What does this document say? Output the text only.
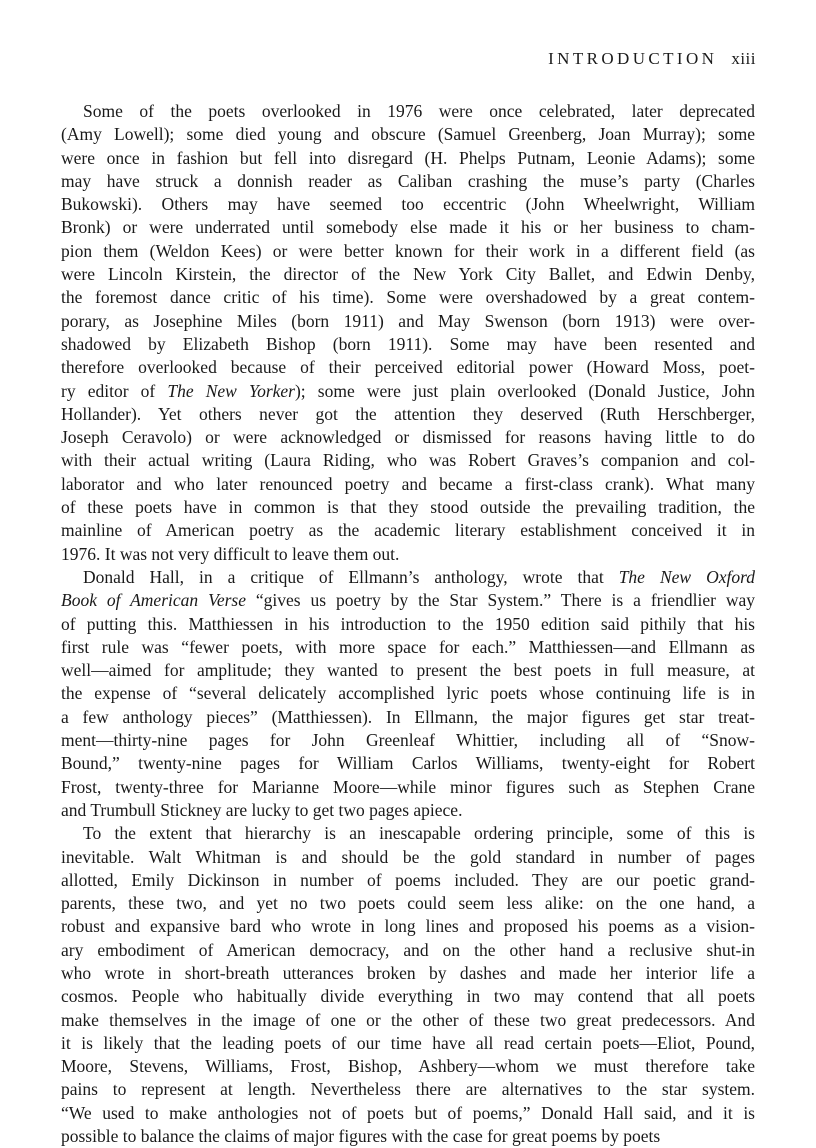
INTRODUCTION xiii
Some of the poets overlooked in 1976 were once celebrated, later deprecated
(Amy Lowell); some died young and obscure (Samuel Greenberg, Joan Murray); some
were once in fashion but fell into disregard (H. Phelps Putnam, Leonie Adams); some
may have struck a donnish reader as Caliban crashing the muse’s party (Charles
Bukowski). Others may have seemed too eccentric (John Wheelwright, William
Bronk) or were underrated until somebody else made it his or her business to cham-
pion them (Weldon Kees) or were better known for their work in a different field (as
were Lincoln Kirstein, the director of the New York City Ballet, and Edwin Denby,
the foremost dance critic of his time). Some were overshadowed by a great contem-
porary, as Josephine Miles (born 1911) and May Swenson (born 1913) were over-
shadowed by Elizabeth Bishop (born 1911). Some may have been resented and
therefore overlooked because of their perceived editorial power (Howard Moss, poet-
ry editor of The New Yorker); some were just plain overlooked (Donald Justice, John
Hollander). Yet others never got the attention they deserved (Ruth Herschberger,
Joseph Ceravolo) or were acknowledged or dismissed for reasons having little to do
with their actual writing (Laura Riding, who was Robert Graves’s companion and col-
laborator and who later renounced poetry and became a first-class crank). What many
of these poets have in common is that they stood outside the prevailing tradition, the
mainline of American poetry as the academic literary establishment conceived it in
1976. It was not very difficult to leave them out.
Donald Hall, in a critique of Ellmann’s anthology, wrote that The New Oxford
Book of American Verse “gives us poetry by the Star System.” There is a friendlier way
of putting this. Matthiessen in his introduction to the 1950 edition said pithily that his
first rule was “fewer poets, with more space for each.” Matthiessen—and Ellmann as
well—aimed for amplitude; they wanted to present the best poets in full measure, at
the expense of “several delicately accomplished lyric poets whose continuing life is in
a few anthology pieces” (Matthiessen). In Ellmann, the major figures get star treat-
ment—thirty-nine pages for John Greenleaf Whittier, including all of “Snow-
Bound,” twenty-nine pages for William Carlos Williams, twenty-eight for Robert
Frost, twenty-three for Marianne Moore—while minor figures such as Stephen Crane
and Trumbull Stickney are lucky to get two pages apiece.
To the extent that hierarchy is an inescapable ordering principle, some of this is
inevitable. Walt Whitman is and should be the gold standard in number of pages
allotted, Emily Dickinson in number of poems included. They are our poetic grand-
parents, these two, and yet no two poets could seem less alike: on the one hand, a
robust and expansive bard who wrote in long lines and proposed his poems as a vision-
ary embodiment of American democracy, and on the other hand a reclusive shut-in
who wrote in short-breath utterances broken by dashes and made her interior life a
cosmos. People who habitually divide everything in two may contend that all poets
make themselves in the image of one or the other of these two great predecessors. And
it is likely that the leading poets of our time have all read certain poets—Eliot, Pound,
Moore, Stevens, Williams, Frost, Bishop, Ashbery—whom we must therefore take
pains to represent at length. Nevertheless there are alternatives to the star system.
“We used to make anthologies not of poets but of poems,” Donald Hall said, and it is
possible to balance the claims of major figures with the case for great poems by poets
